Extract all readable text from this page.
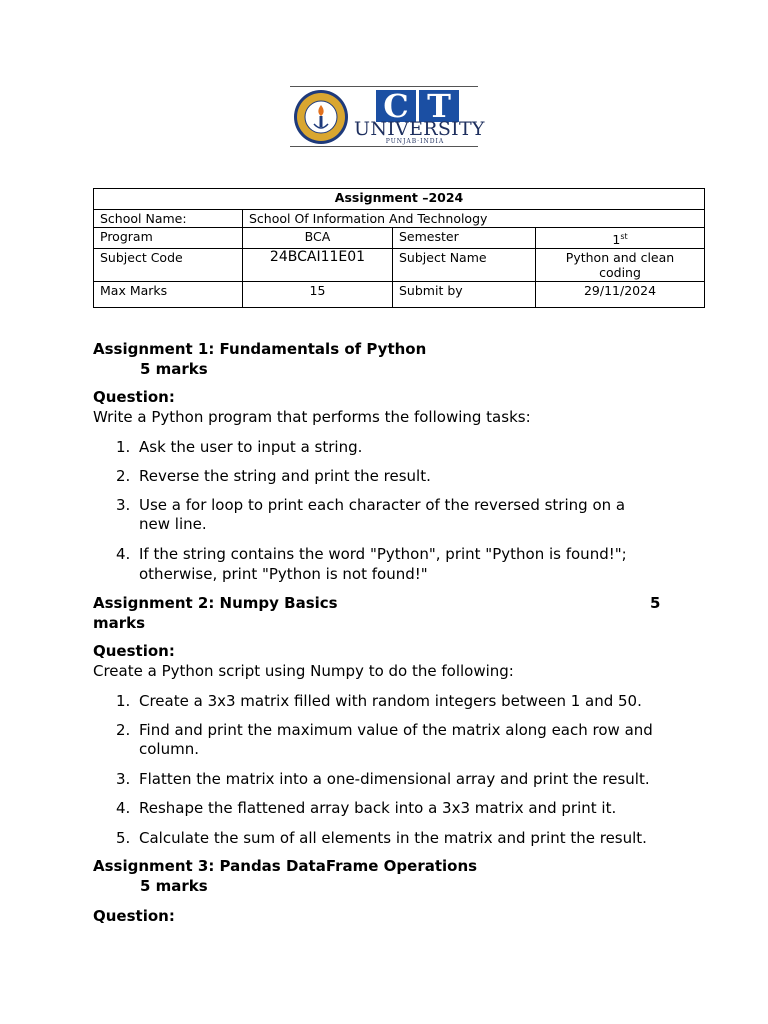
C T
UNIVERSITY
PUNJAB·INDIA
Assignment –2024			
School Name:	School Of Information And Technology		
Program	BCA	Semester	1st
Subject Code	24BCAI11E01	Subject Name	Python and clean
coding

Max Marks	15	Submit by	29/11/2024
Assignment 1: Fundamentals of Python
5 marks
Question:
Write a Python program that performs the following tasks:
1. Ask the user to input a string.
2. Reverse the string and print the result.
3. Use a for loop to print each character of the reversed string on a
new line.
4. If the string contains the word "Python", print "Python is found!";
otherwise, print "Python is not found!"
Assignment 2: Numpy Basics	5
marks
Question:
Create a Python script using Numpy to do the following:
1. Create a 3x3 matrix filled with random integers between 1 and 50.
2. Find and print the maximum value of the matrix along each row and
column.
3. Flatten the matrix into a one-dimensional array and print the result.
4. Reshape the flattened array back into a 3x3 matrix and print it.
5. Calculate the sum of all elements in the matrix and print the result.
Assignment 3: Pandas DataFrame Operations
5 marks
Question:
